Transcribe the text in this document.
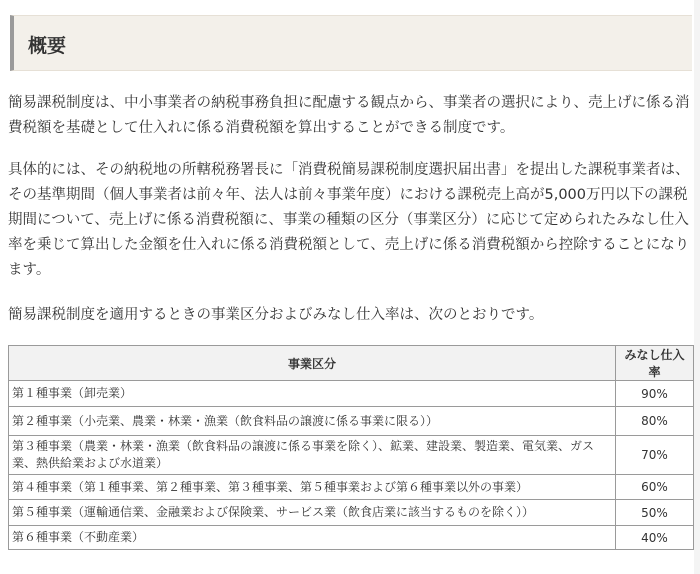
概要

簡易課税制度は、中小事業者の納税事務負担に配慮する観点から、事業者の選択により、売上げに係る消費税額を基礎として仕入れに係る消費税額を算出することができる制度です。

具体的には、その納税地の所轄税務署長に「消費税簡易課税制度選択届出書」を提出した課税事業者は、その基準期間（個人事業者は前々年、法人は前々事業年度）における課税売上高が5,000万円以下の課税期間について、売上げに係る消費税額に、事業の種類の区分（事業区分）に応じて定められたみなし仕入率を乗じて算出した金額を仕入れに係る消費税額として、売上げに係る消費税額から控除することになります。

簡易課税制度を適用するときの事業区分およびみなし仕入率は、次のとおりです。

事業区分	みなし仕入率
第１種事業（卸売業）	90%
第２種事業（小売業、農業・林業・漁業（飲食料品の譲渡に係る事業に限る））	80%
第３種事業（農業・林業・漁業（飲食料品の譲渡に係る事業を除く）、鉱業、建設業、製造業、電気業、ガス業、熱供給業および水道業）	70%
第４種事業（第１種事業、第２種事業、第３種事業、第５種事業および第６種事業以外の事業）	60%
第５種事業（運輸通信業、金融業および保険業、サービス業（飲食店業に該当するものを除く））	50%
第６種事業（不動産業）	40%
